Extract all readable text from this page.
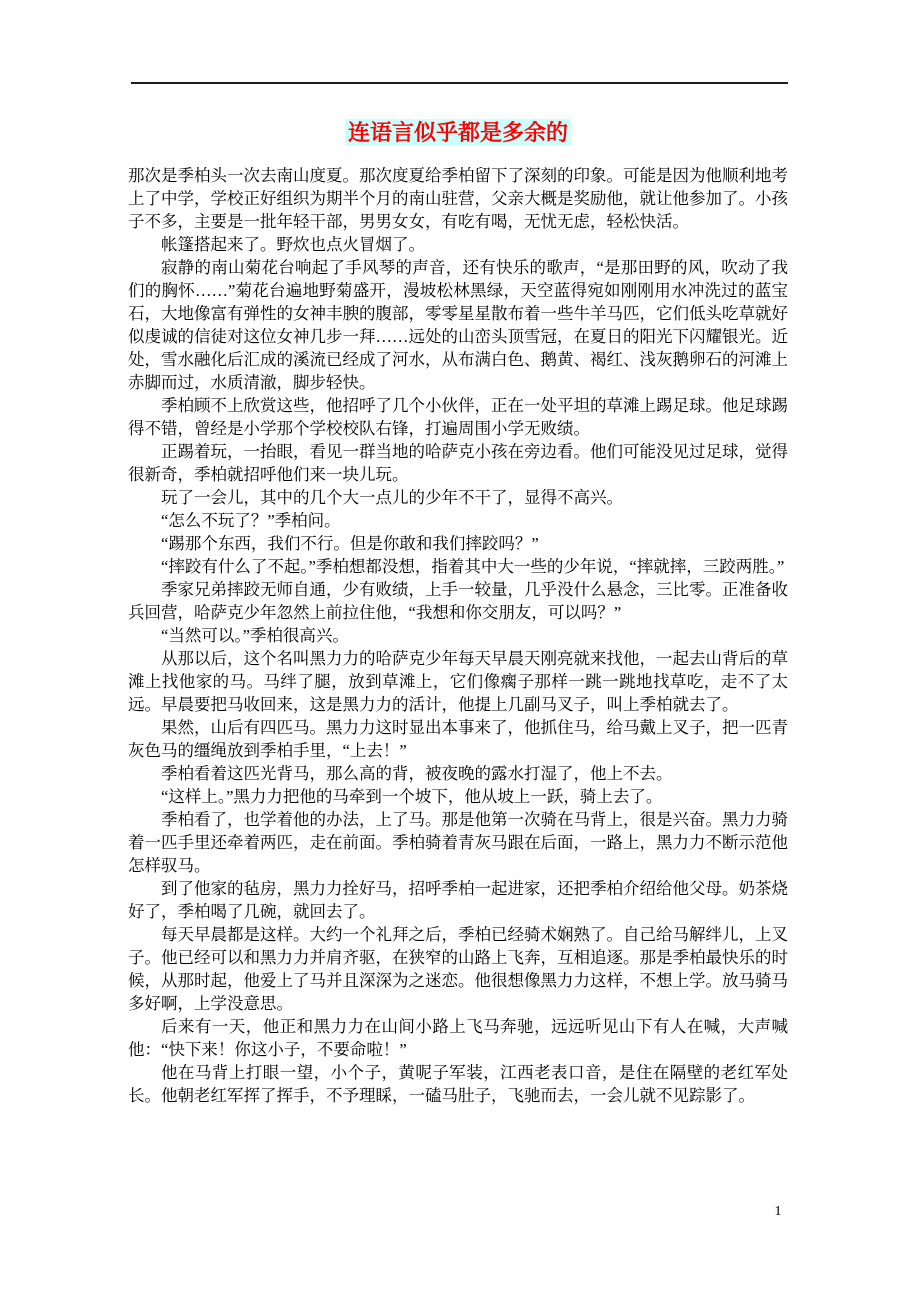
连语言似乎都是多余的

那次是季柏头一次去南山度夏。那次度夏给季柏留下了深刻的印象。可能是因为他顺利地考上了中学，学校正好组织为期半个月的南山驻营，父亲大概是奖励他，就让他参加了。小孩子不多，主要是一批年轻干部，男男女女，有吃有喝，无忧无虑，轻松快活。

帐篷搭起来了。野炊也点火冒烟了。

寂静的南山菊花台响起了手风琴的声音，还有快乐的歌声，“是那田野的风，吹动了我们的胸怀……”菊花台遍地野菊盛开，漫坡松林黑绿，天空蓝得宛如刚刚用水冲洗过的蓝宝石，大地像富有弹性的女神丰腴的腹部，零零星星散布着一些牛羊马匹，它们低头吃草就好似虔诚的信徒对这位女神几步一拜……远处的山峦头顶雪冠，在夏日的阳光下闪耀银光。近处，雪水融化后汇成的溪流已经成了河水，从布满白色、鹅黄、褐红、浅灰鹅卵石的河滩上赤脚而过，水质清澈，脚步轻快。

季柏顾不上欣赏这些，他招呼了几个小伙伴，正在一处平坦的草滩上踢足球。他足球踢得不错，曾经是小学那个学校校队右锋，打遍周围小学无败绩。

正踢着玩，一抬眼，看见一群当地的哈萨克小孩在旁边看。他们可能没见过足球，觉得很新奇，季柏就招呼他们来一块儿玩。

玩了一会儿，其中的几个大一点儿的少年不干了，显得不高兴。

“怎么不玩了？”季柏问。

“踢那个东西，我们不行。但是你敢和我们摔跤吗？”

“摔跤有什么了不起。”季柏想都没想，指着其中大一些的少年说，“摔就摔，三跤两胜。”

季家兄弟摔跤无师自通，少有败绩，上手一较量，几乎没什么悬念，三比零。正准备收兵回营，哈萨克少年忽然上前拉住他，“我想和你交朋友，可以吗？”

“当然可以。”季柏很高兴。

从那以后，这个名叫黑力力的哈萨克少年每天早晨天刚亮就来找他，一起去山背后的草滩上找他家的马。马绊了腿，放到草滩上，它们像瘸子那样一跳一跳地找草吃，走不了太远。早晨要把马收回来，这是黑力力的活计，他提上几副马叉子，叫上季柏就去了。

果然，山后有四匹马。黑力力这时显出本事来了，他抓住马，给马戴上叉子，把一匹青灰色马的缰绳放到季柏手里，“上去！”

季柏看着这匹光背马，那么高的背，被夜晚的露水打湿了，他上不去。

“这样上。”黑力力把他的马牵到一个坡下，他从坡上一跃，骑上去了。

季柏看了，也学着他的办法，上了马。那是他第一次骑在马背上，很是兴奋。黑力力骑着一匹手里还牵着两匹，走在前面。季柏骑着青灰马跟在后面，一路上，黑力力不断示范他怎样驭马。

到了他家的毡房，黑力力拴好马，招呼季柏一起进家，还把季柏介绍给他父母。奶茶烧好了，季柏喝了几碗，就回去了。

每天早晨都是这样。大约一个礼拜之后，季柏已经骑术娴熟了。自己给马解绊儿，上叉子。他已经可以和黑力力并肩齐驱，在狭窄的山路上飞奔，互相追逐。那是季柏最快乐的时候，从那时起，他爱上了马并且深深为之迷恋。他很想像黑力力这样，不想上学。放马骑马多好啊，上学没意思。

后来有一天，他正和黑力力在山间小路上飞马奔驰，远远听见山下有人在喊，大声喊他：“快下来！你这小子，不要命啦！”

他在马背上打眼一望，小个子，黄呢子军装，江西老表口音，是住在隔壁的老红军处长。他朝老红军挥了挥手，不予理睬，一磕马肚子，飞驰而去，一会儿就不见踪影了。

1
